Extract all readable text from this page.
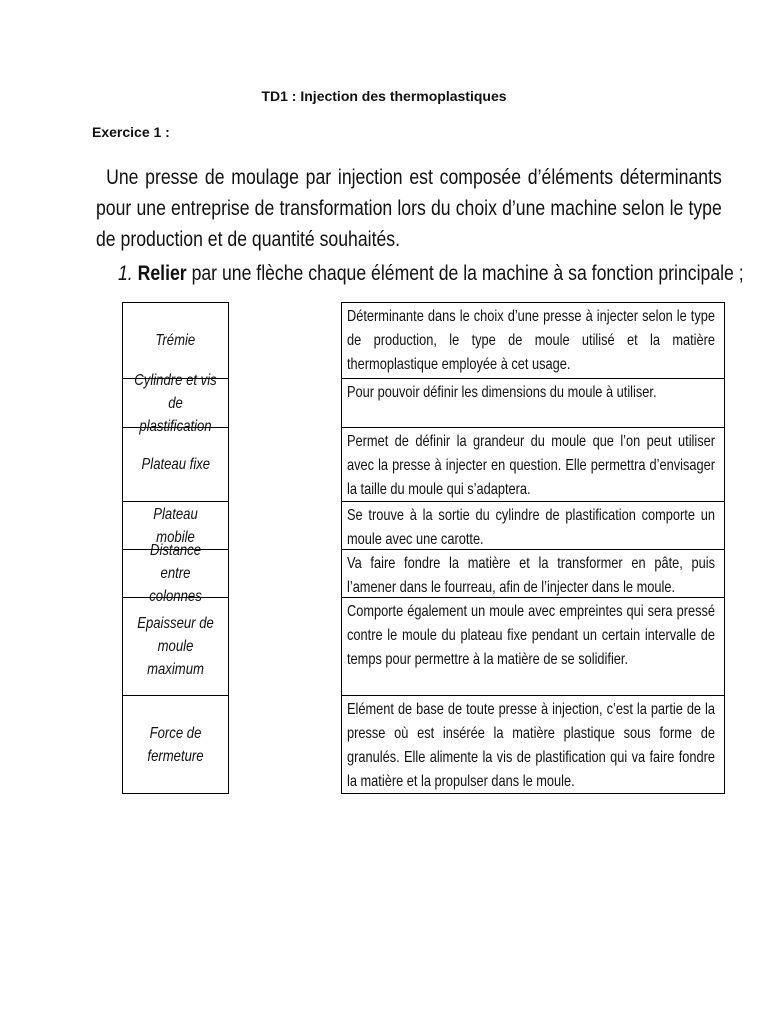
TD1 : Injection des thermoplastiques
Exercice 1 :
Une presse de moulage par injection est composée d’éléments déterminants pour une entreprise de transformation lors du choix d’une machine selon le type de production et de quantité souhaités.
1. Relier par une flèche chaque élément de la machine à sa fonction principale ;
Trémie
Cylindre et vis de plastification
Plateau fixe
Plateau mobile
Distance entre colonnes
Epaisseur de moule maximum
Force de fermeture
Déterminante dans le choix d’une presse à injecter selon le type de production, le type de moule utilisé et la matière thermoplastique employée à cet usage.
Pour pouvoir définir les dimensions du moule à utiliser.
Permet de définir la grandeur du moule que l’on peut utiliser avec la presse à injecter en question. Elle permettra d’envisager la taille du moule qui s’adaptera.
Se trouve à la sortie du cylindre de plastification comporte un moule avec une carotte.
Va faire fondre la matière et la transformer en pâte, puis l’amener dans le fourreau, afin de l’injecter dans le moule.
Comporte également un moule avec empreintes qui sera pressé contre le moule du plateau fixe pendant un certain intervalle de temps pour permettre à la matière de se solidifier.
Elément de base de toute presse à injection, c’est la partie de la presse où est insérée la matière plastique sous forme de granulés. Elle alimente la vis de plastification qui va faire fondre la matière et la propulser dans le moule.
